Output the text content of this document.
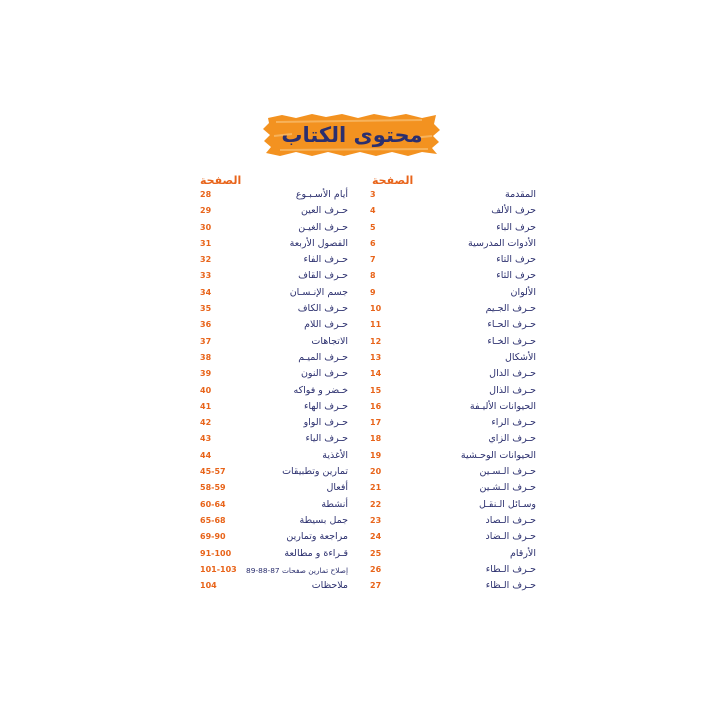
محتوى الكتاب
الصفحة
الصفحة
المقدمة
3
حرف الألف
4
حرف الباء
5
الأدوات المدرسية
6
حرف التاء
7
حرف الثاء
8
الألوان
9
حـرف الجـيم
10
حـرف الحـاء
11
حـرف الخـاء
12
الأشكال
13
حـرف الدال
14
حـرف الذال
15
الحيوانات الأليـفة
16
حـرف الراء
17
حـرف الزاي
18
الحيوانات الوحـشية
19
حـرف الـسـين
20
حـرف الـشـين
21
وسـائل الـنقـل
22
حـرف الـصاد
23
حـرف الـضاد
24
الأرقام
25
حـرف الـطاء
26
حـرف الـظاء
27
أيام الأسـبـوع
28
حـرف العين
29
حـرف الغيـن
30
الفصول الأربعة
31
حـرف الفاء
32
حـرف القاف
33
جسم الإنـسـان
34
حـرف الكاف
35
حـرف اللام
36
الاتجاهات
37
حـرف الميـم
38
حـرف النون
39
خـضر و فواكه
40
حـرف الهاء
41
حـرف الواو
42
حـرف الياء
43
الأغذية
44
تمارين وتطبيقات
45-57
أفعال
58-59
أنشطة
60-64
جمل بسيطة
65-68
مراجعة وتمارين
69-90
قـراءة و مطالعة
91-100
إصلاح تمارين صفحات 87-88-89
101-103
ملاحظات
104
